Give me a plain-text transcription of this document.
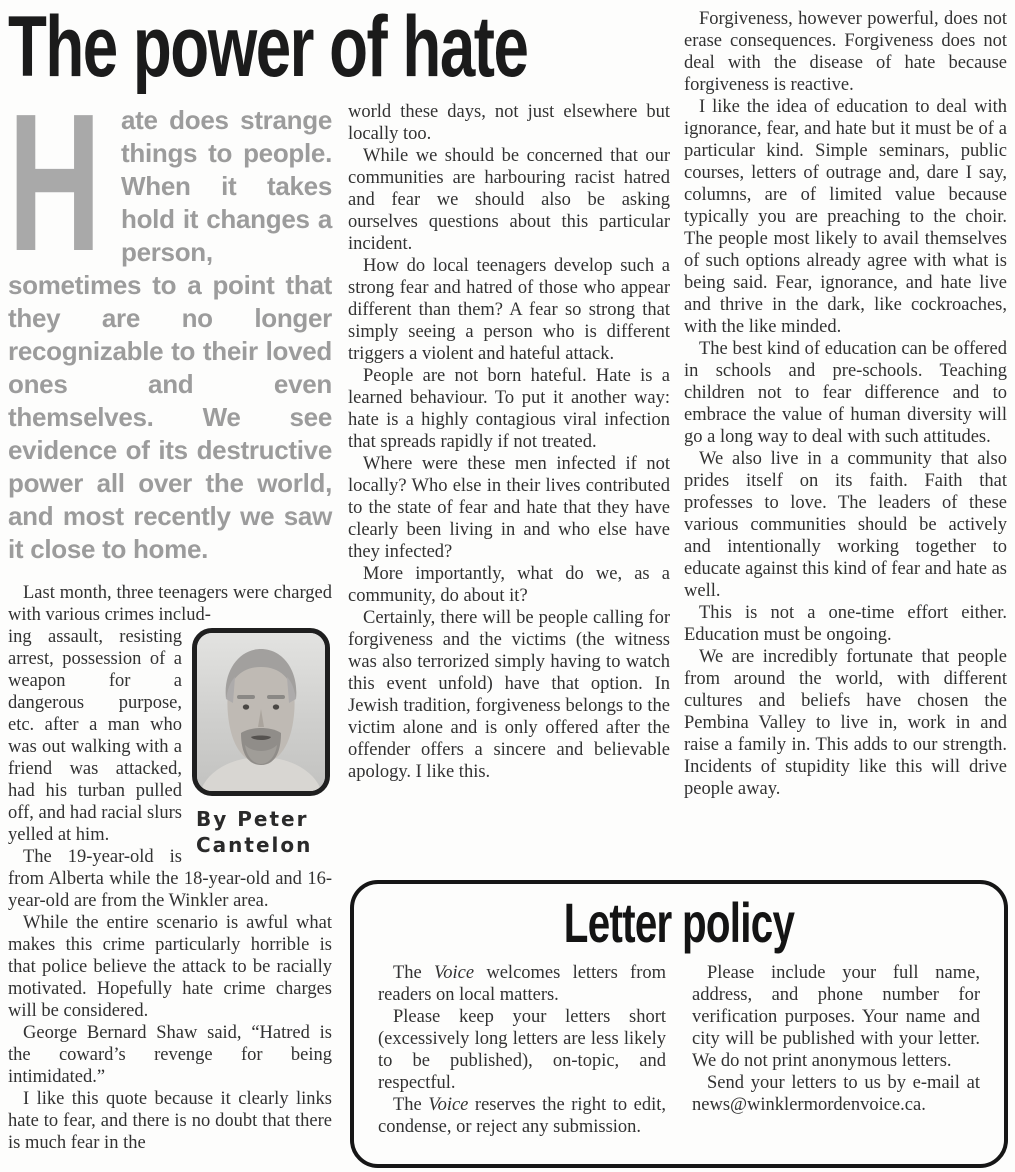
The power of hate

H ate does strange things to people. When it takes hold it changes a person, sometimes to a point that they are no longer recognizable to their loved ones and even themselves. We see evidence of its destructive power all over the world, and most recently we saw it close to home.

Last month, three teenagers were charged with various crimes includ-

By Peter Cantelon

ing assault, resisting arrest, possession of a weapon for a dangerous purpose, etc. after a man who was out walking with a friend was attacked, had his turban pulled off, and had racial slurs yelled at him.

The 19-year-old is from Alberta while the 18-year-old and 16-year-old are from the Winkler area.

While the entire scenario is awful what makes this crime particularly horrible is that police believe the attack to be racially motivated. Hopefully hate crime charges will be considered.

George Bernard Shaw said, “Hatred is the coward’s revenge for being intimidated.”

I like this quote because it clearly links hate to fear, and there is no doubt that there is much fear in the

world these days, not just elsewhere but locally too.

While we should be concerned that our communities are harbouring racist hatred and fear we should also be asking ourselves questions about this particular incident.

How do local teenagers develop such a strong fear and hatred of those who appear different than them? A fear so strong that simply seeing a person who is different triggers a violent and hateful attack.

People are not born hateful. Hate is a learned behaviour. To put it another way: hate is a highly contagious viral infection that spreads rapidly if not treated.

Where were these men infected if not locally? Who else in their lives contributed to the state of fear and hate that they have clearly been living in and who else have they infected?

More importantly, what do we, as a community, do about it?

Certainly, there will be people calling for forgiveness and the victims (the witness was also terrorized simply having to watch this event unfold) have that option. In Jewish tradition, forgiveness belongs to the victim alone and is only offered after the offender offers a sincere and believable apology. I like this.

Forgiveness, however powerful, does not erase consequences. Forgiveness does not deal with the disease of hate because forgiveness is reactive.

I like the idea of education to deal with ignorance, fear, and hate but it must be of a particular kind. Simple seminars, public courses, letters of outrage and, dare I say, columns, are of limited value because typically you are preaching to the choir. The people most likely to avail themselves of such options already agree with what is being said. Fear, ignorance, and hate live and thrive in the dark, like cockroaches, with the like minded.

The best kind of education can be offered in schools and pre-schools. Teaching children not to fear difference and to embrace the value of human diversity will go a long way to deal with such attitudes.

We also live in a community that also prides itself on its faith. Faith that professes to love. The leaders of these various communities should be actively and intentionally working together to educate against this kind of fear and hate as well.

This is not a one-time effort either. Education must be ongoing.

We are incredibly fortunate that people from around the world, with different cultures and beliefs have chosen the Pembina Valley to live in, work in and raise a family in. This adds to our strength. Incidents of stupidity like this will drive people away.

Letter policy

The Voice welcomes letters from readers on local matters.

Please keep your letters short (excessively long letters are less likely to be published), on-topic, and respectful.

The Voice reserves the right to edit, condense, or reject any submission.

Please include your full name, address, and phone number for verification purposes. Your name and city will be published with your letter. We do not print anonymous letters.

Send your letters to us by e-mail at news@winklermordenvoice.ca.
